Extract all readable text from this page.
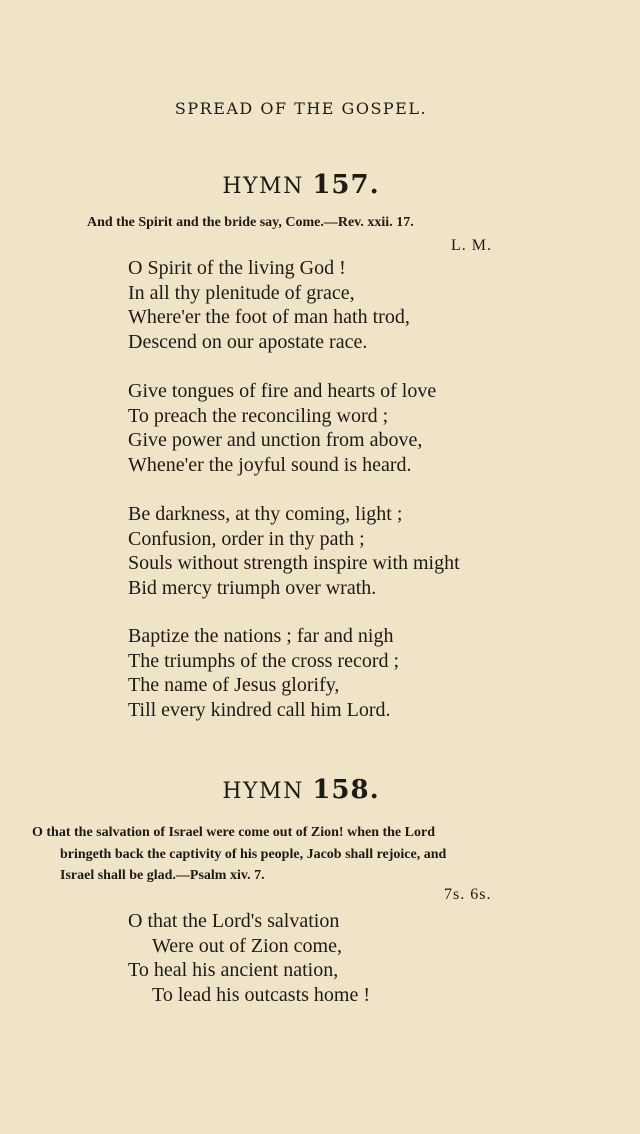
SPREAD OF THE GOSPEL.
HYMN 157.
And the Spirit and the bride say, Come.—Rev. xxii. 17.
L. M.
O Spirit of the living God !
In all thy plenitude of grace,
Where'er the foot of man hath trod,
Descend on our apostate race.
Give tongues of fire and hearts of love
To preach the reconciling word ;
Give power and unction from above,
Whene'er the joyful sound is heard.
Be darkness, at thy coming, light ;
Confusion, order in thy path ;
Souls without strength inspire with might
Bid mercy triumph over wrath.
Baptize the nations ; far and nigh
The triumphs of the cross record ;
The name of Jesus glorify,
Till every kindred call him Lord.
HYMN 158.
O that the salvation of Israel were come out of Zion! when the Lord
bringeth back the captivity of his people, Jacob shall rejoice, and
Israel shall be glad.—Psalm xiv. 7.
7s. 6s.
O that the Lord's salvation
Were out of Zion come,
To heal his ancient nation,
To lead his outcasts home !
